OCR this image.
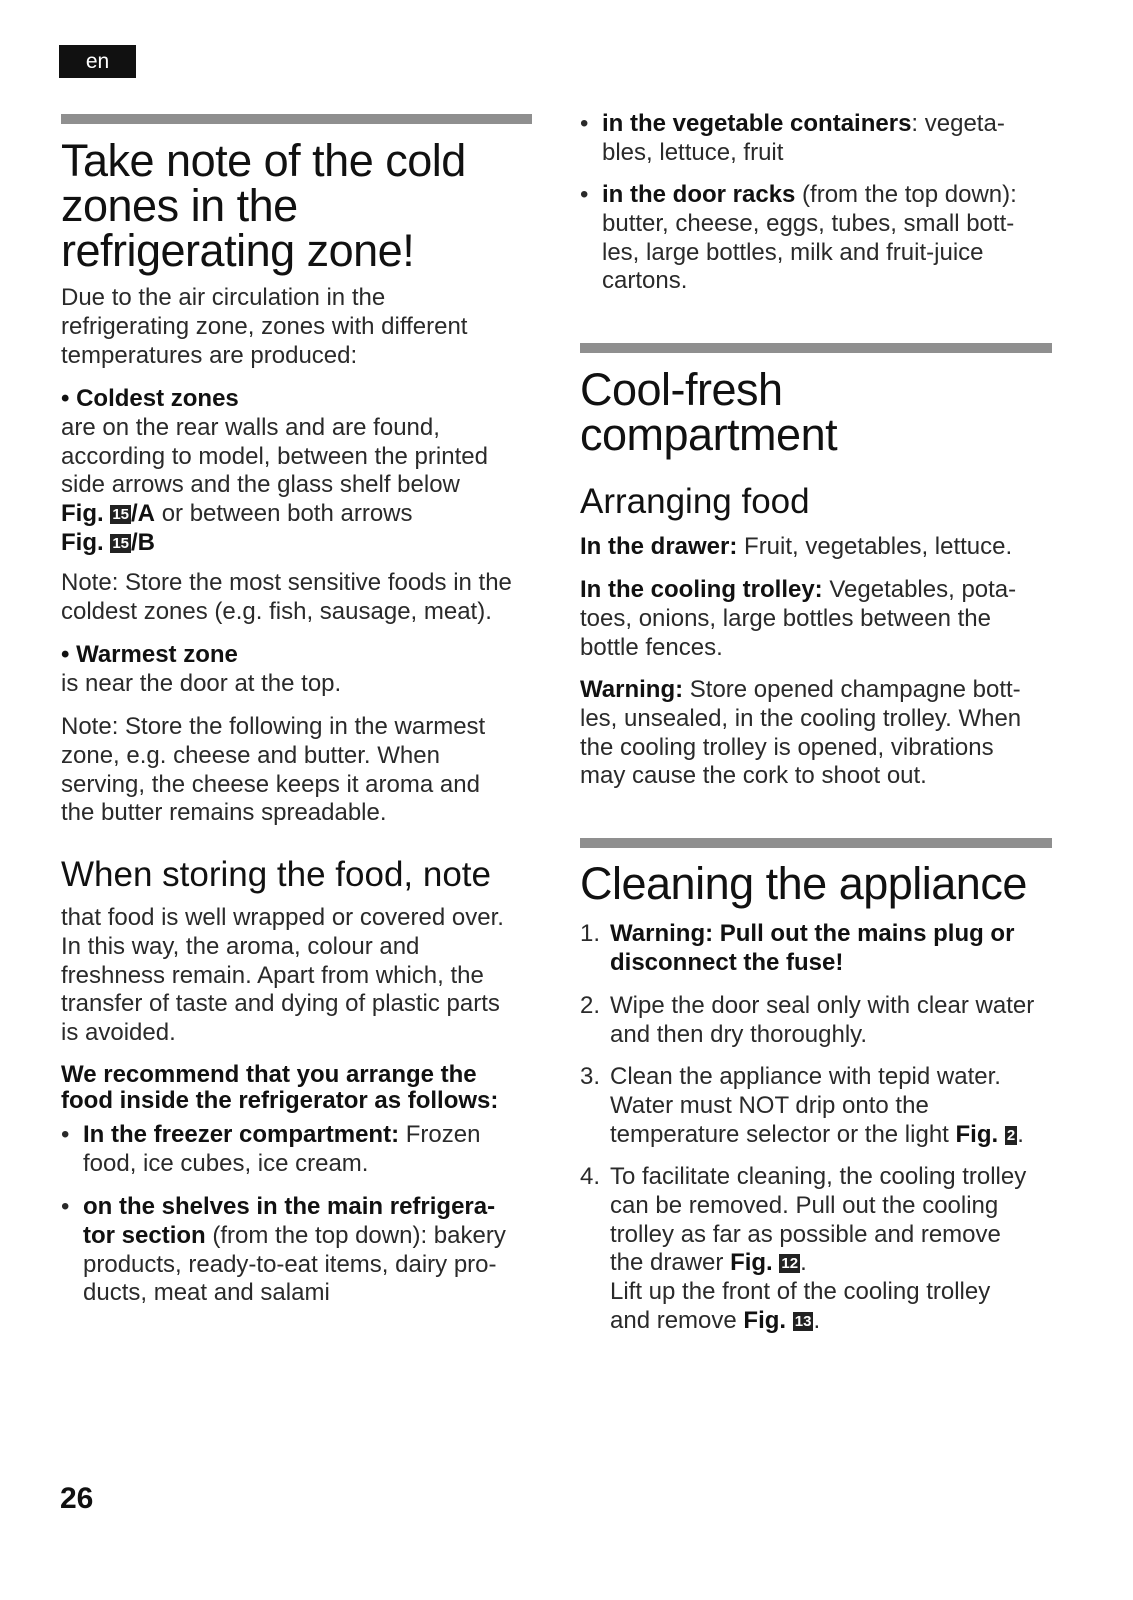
en
Take note of the cold
zones in the
refrigerating zone!

Due to the air circulation in the
refrigerating zone, zones with different
temperatures are produced:

• Coldest zones
are on the rear walls and are found,
according to model, between the printed
side arrows and the glass shelf below
Fig. 15/A or between both arrows
Fig. 15/B

Note: Store the most sensitive foods in the
coldest zones (e.g. fish, sausage, meat).

• Warmest zone
is near the door at the top.

Note: Store the following in the warmest
zone, e.g. cheese and butter. When
serving, the cheese keeps it aroma and
the butter remains spreadable.

When storing the food, note

that food is well wrapped or covered over.
In this way, the aroma, colour and
freshness remain. Apart from which, the
transfer of taste and dying of plastic parts
is avoided.

We recommend that you arrange the
food inside the refrigerator as follows:

• In the freezer compartment: Frozen
food, ice cubes, ice cream.
• on the shelves in the main refrigera-
tor section (from the top down): bakery
products, ready-to-eat items, dairy pro-
ducts, meat and salami
• in the vegetable containers: vegeta-
bles, lettuce, fruit
• in the door racks (from the top down):
butter, cheese, eggs, tubes, small bott-
les, large bottles, milk and fruit-juice
cartons.
Cool-fresh
compartment
Arranging food

In the drawer: Fruit, vegetables, lettuce.

In the cooling trolley: Vegetables, pota-
toes, onions, large bottles between the
bottle fences.

Warning: Store opened champagne bott-
les, unsealed, in the cooling trolley. When
the cooling trolley is opened, vibrations
may cause the cork to shoot out.

Cleaning the appliance
1. Warning: Pull out the mains plug or
disconnect the fuse!
2. Wipe the door seal only with clear water
and then dry thoroughly.
3. Clean the appliance with tepid water.
Water must NOT drip onto the
temperature selector or the light Fig. 2.
4. To facilitate cleaning, the cooling trolley
can be removed. Pull out the cooling
trolley as far as possible and remove
the drawer Fig. 12.
Lift up the front of the cooling trolley
and remove Fig. 13.
26
